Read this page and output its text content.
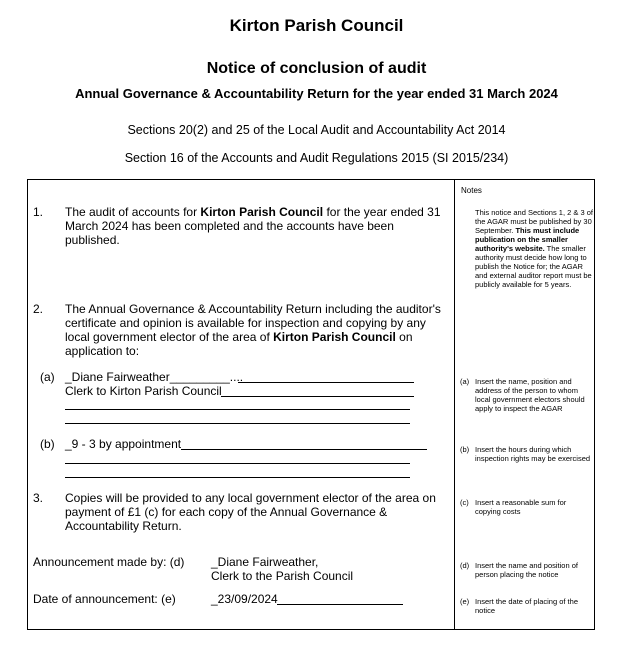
Kirton Parish Council
Notice of conclusion of audit
Annual Governance & Accountability Return for the year ended 31 March 2024
Sections 20(2) and 25 of the Local Audit and Accountability Act 2014
Section 16 of the Accounts and Audit Regulations 2015 (SI 2015/234)
1. The audit of accounts for Kirton Parish Council for the year ended 31 March 2024 has been completed and the accounts have been published.
2. The Annual Governance & Accountability Return including the auditor's certificate and opinion is available for inspection and copying by any local government elector of the area of Kirton Parish Council on application to:
(a) _Diane Fairweather_________....
Clerk to Kirton Parish Council
(b) _9 - 3 by appointment
3. Copies will be provided to any local government elector of the area on payment of £1 (c) for each copy of the Annual Governance & Accountability Return.
Announcement made by: (d) _Diane Fairweather,
Clerk to the Parish Council
Date of announcement: (e)	_23/09/2024
Notes
This notice and Sections 1, 2 & 3 of the AGAR must be published by 30 September. This must include publication on the smaller authority's website. The smaller authority must decide how long to publish the Notice for; the AGAR and external auditor report must be publicly available for 5 years.
(a) Insert the name, position and address of the person to whom local government electors should apply to inspect the AGAR
(b) Insert the hours during which inspection rights may be exercised
(c) Insert a reasonable sum for copying costs
(d) Insert the name and position of person placing the notice
(e) Insert the date of placing of the notice
